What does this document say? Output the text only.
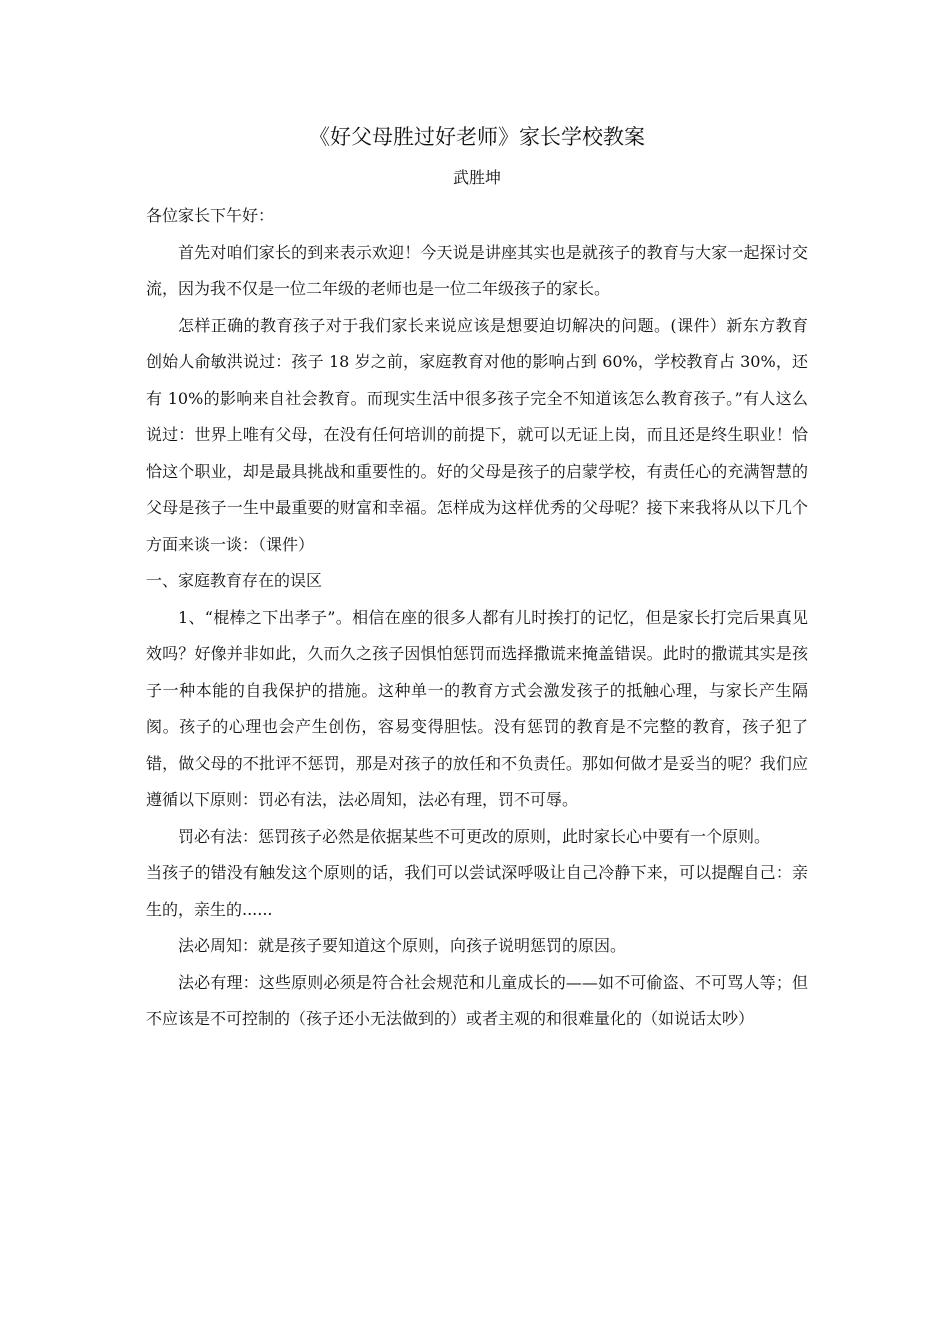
《好父母胜过好老师》家长学校教案
武胜坤

各位家长下午好：

首先对咱们家长的到来表示欢迎！今天说是讲座其实也是就孩子的教育与大家一起探讨交流，因为我不仅是一位二年级的老师也是一位二年级孩子的家长。

怎样正确的教育孩子对于我们家长来说应该是想要迫切解决的问题。(课件）新东方教育创始人俞敏洪说过：孩子 18 岁之前，家庭教育对他的影响占到 60%，学校教育占 30%，还有 10%的影响来自社会教育。而现实生活中很多孩子完全不知道该怎么教育孩子。”有人这么说过：世界上唯有父母，在没有任何培训的前提下，就可以无证上岗，而且还是终生职业！恰恰这个职业，却是最具挑战和重要性的。好的父母是孩子的启蒙学校，有责任心的充满智慧的父母是孩子一生中最重要的财富和幸福。怎样成为这样优秀的父母呢？接下来我将从以下几个方面来谈一谈：（课件）

一、家庭教育存在的误区

1、“棍棒之下出孝子”。相信在座的很多人都有儿时挨打的记忆，但是家长打完后果真见效吗？好像并非如此，久而久之孩子因惧怕惩罚而选择撒谎来掩盖错误。此时的撒谎其实是孩子一种本能的自我保护的措施。这种单一的教育方式会激发孩子的抵触心理，与家长产生隔阂。孩子的心理也会产生创伤，容易变得胆怯。没有惩罚的教育是不完整的教育，孩子犯了错，做父母的不批评不惩罚，那是对孩子的放任和不负责任。那如何做才是妥当的呢？我们应遵循以下原则：罚必有法，法必周知，法必有理，罚不可辱。

罚必有法：惩罚孩子必然是依据某些不可更改的原则，此时家长心中要有一个原则。

当孩子的错没有触发这个原则的话，我们可以尝试深呼吸让自己冷静下来，可以提醒自己：亲生的，亲生的......

法必周知：就是孩子要知道这个原则，向孩子说明惩罚的原因。

法必有理：这些原则必须是符合社会规范和儿童成长的——如不可偷盗、不可骂人等；但不应该是不可控制的（孩子还小无法做到的）或者主观的和很难量化的（如说话太吵）
